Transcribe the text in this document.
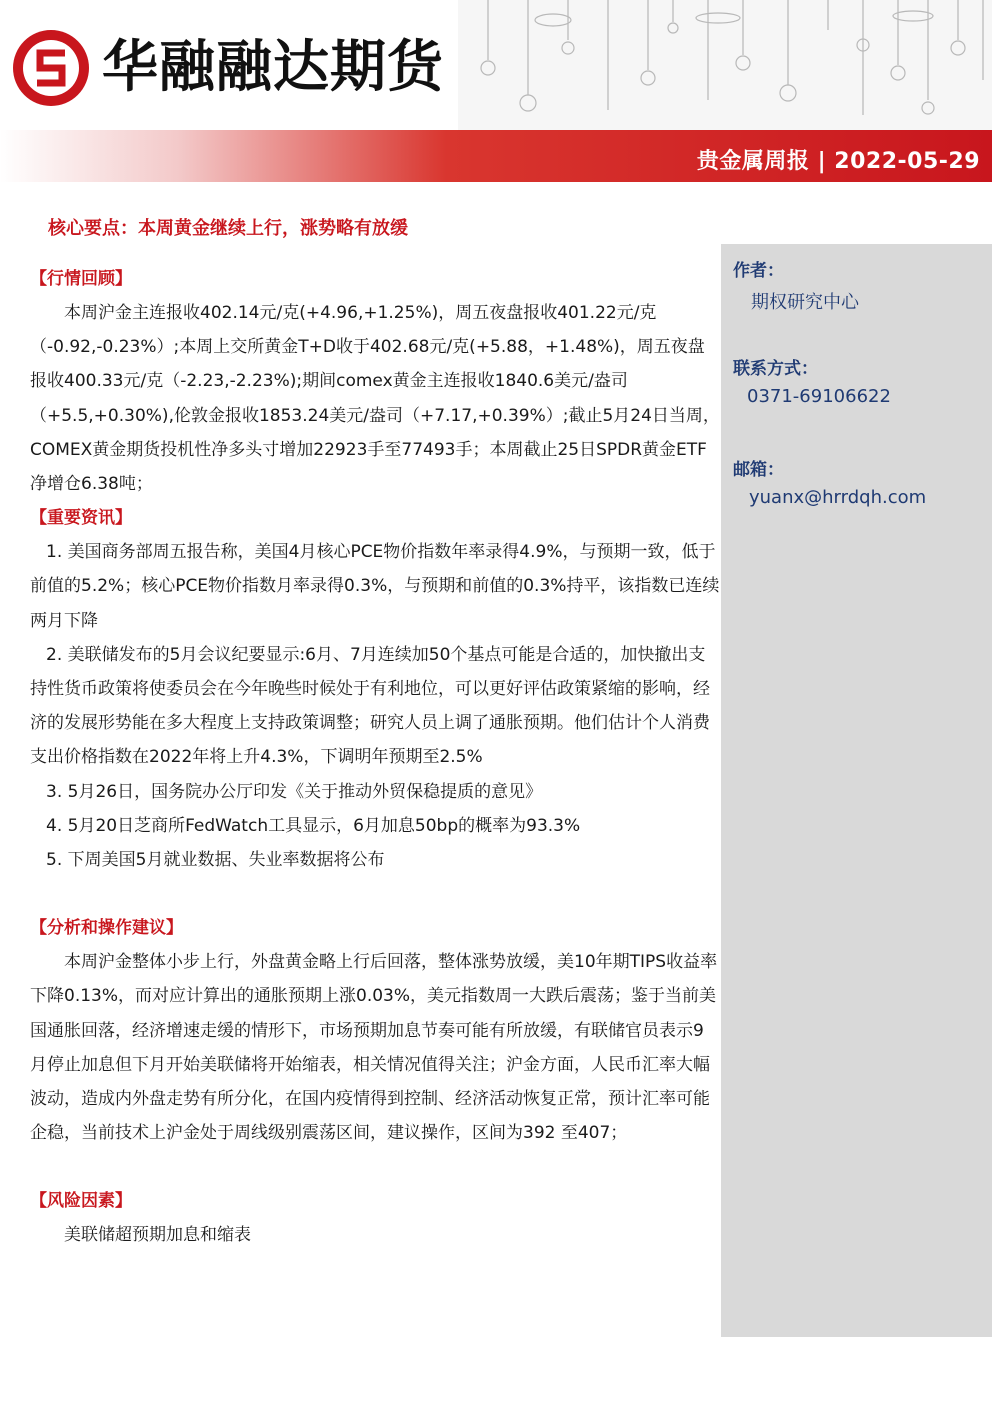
华融融达期货
贵金属周报 | 2022-05-29
核心要点：本周黄金继续上行，涨势略有放缓
作者：
期权研究中心
联系方式：
0371-69106622
邮箱：
yuanx@hrrdqh.com
【行情回顾】

本周沪金主连报收402.14元/克(+4.96,+1.25%)，周五夜盘报收401.22元/克（-0.92,-0.23%）;本周上交所黄金T+D收于402.68元/克(+5.88，+1.48%)，周五夜盘报收400.33元/克（-2.23,-2.23%);期间comex黄金主连报收1840.6美元/盎司（+5.5,+0.30%),伦敦金报收1853.24美元/盎司（+7.17,+0.39%）;截止5月24日当周，COMEX黄金期货投机性净多头寸增加22923手至77493手；本周截止25日SPDR黄金ETF净增仓6.38吨；

【重要资讯】

1. 美国商务部周五报告称，美国4月核心PCE物价指数年率录得4.9%，与预期一致，低于前值的5.2%；核心PCE物价指数月率录得0.3%，与预期和前值的0.3%持平，该指数已连续两月下降

2. 美联储发布的5月会议纪要显示:6月、7月连续加50个基点可能是合适的，加快撤出支持性货币政策将使委员会在今年晚些时候处于有利地位，可以更好评估政策紧缩的影响，经济的发展形势能在多大程度上支持政策调整；研究人员上调了通胀预期。他们估计个人消费支出价格指数在2022年将上升4.3%，下调明年预期至2.5%

3. 5月26日，国务院办公厅印发《关于推动外贸保稳提质的意见》

4. 5月20日芝商所FedWatch工具显示，6月加息50bp的概率为93.3%

5. 下周美国5月就业数据、失业率数据将公布

【分析和操作建议】

本周沪金整体小步上行，外盘黄金略上行后回落，整体涨势放缓，美10年期TIPS收益率下降0.13%，而对应计算出的通胀预期上涨0.03%，美元指数周一大跌后震荡；鉴于当前美国通胀回落，经济增速走缓的情形下，市场预期加息节奏可能有所放缓，有联储官员表示9月停止加息但下月开始美联储将开始缩表，相关情况值得关注；沪金方面，人民币汇率大幅波动，造成内外盘走势有所分化，在国内疫情得到控制、经济活动恢复正常，预计汇率可能企稳，当前技术上沪金处于周线级别震荡区间，建议操作，区间为392 至407；

【风险因素】

美联储超预期加息和缩表
